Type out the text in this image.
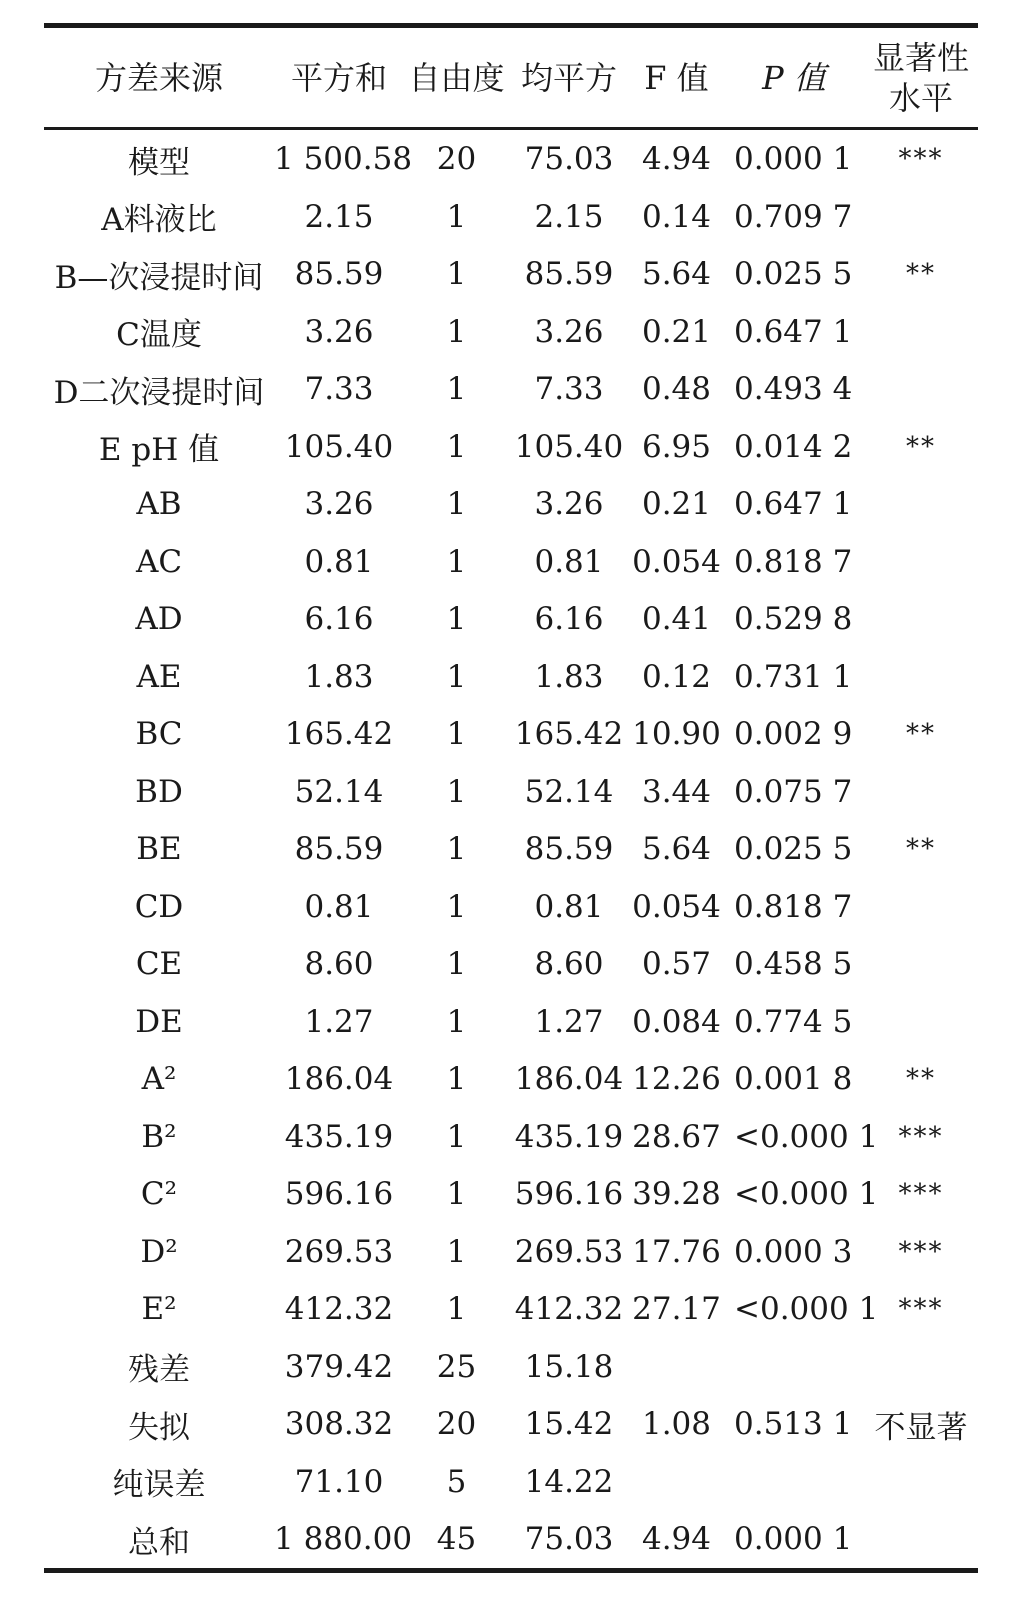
方差来源	平方和	自由度	均平方	F 值	P 值	显著性
水平

模型	1 500.58	20	75.03	4.94	0.000 1	***
A料液比	2.15	1	2.15	0.14	0.709 7	
B—次浸提时间	85.59	1	85.59	5.64	0.025 5	**
C温度	3.26	1	3.26	0.21	0.647 1	
D二次浸提时间	7.33	1	7.33	0.48	0.493 4	
E pH 值	105.40	1	105.40	6.95	0.014 2	**
AB	3.26	1	3.26	0.21	0.647 1	
AC	0.81	1	0.81	0.054	0.818 7	
AD	6.16	1	6.16	0.41	0.529 8	
AE	1.83	1	1.83	0.12	0.731 1	
BC	165.42	1	165.42	10.90	0.002 9	**
BD	52.14	1	52.14	3.44	0.075 7	
BE	85.59	1	85.59	5.64	0.025 5	**
CD	0.81	1	0.81	0.054	0.818 7	
CE	8.60	1	8.60	0.57	0.458 5	
DE	1.27	1	1.27	0.084	0.774 5	
A²	186.04	1	186.04	12.26	0.001 8	**
B²	435.19	1	435.19	28.67	<0.000 1	***
C²	596.16	1	596.16	39.28	<0.000 1	***
D²	269.53	1	269.53	17.76	0.000 3	***
E²	412.32	1	412.32	27.17	<0.000 1	***
残差	379.42	25	15.18			
失拟	308.32	20	15.42	1.08	0.513 1	不显著
纯误差	71.10	5	14.22			
总和	1 880.00	45	75.03	4.94	0.000 1	
